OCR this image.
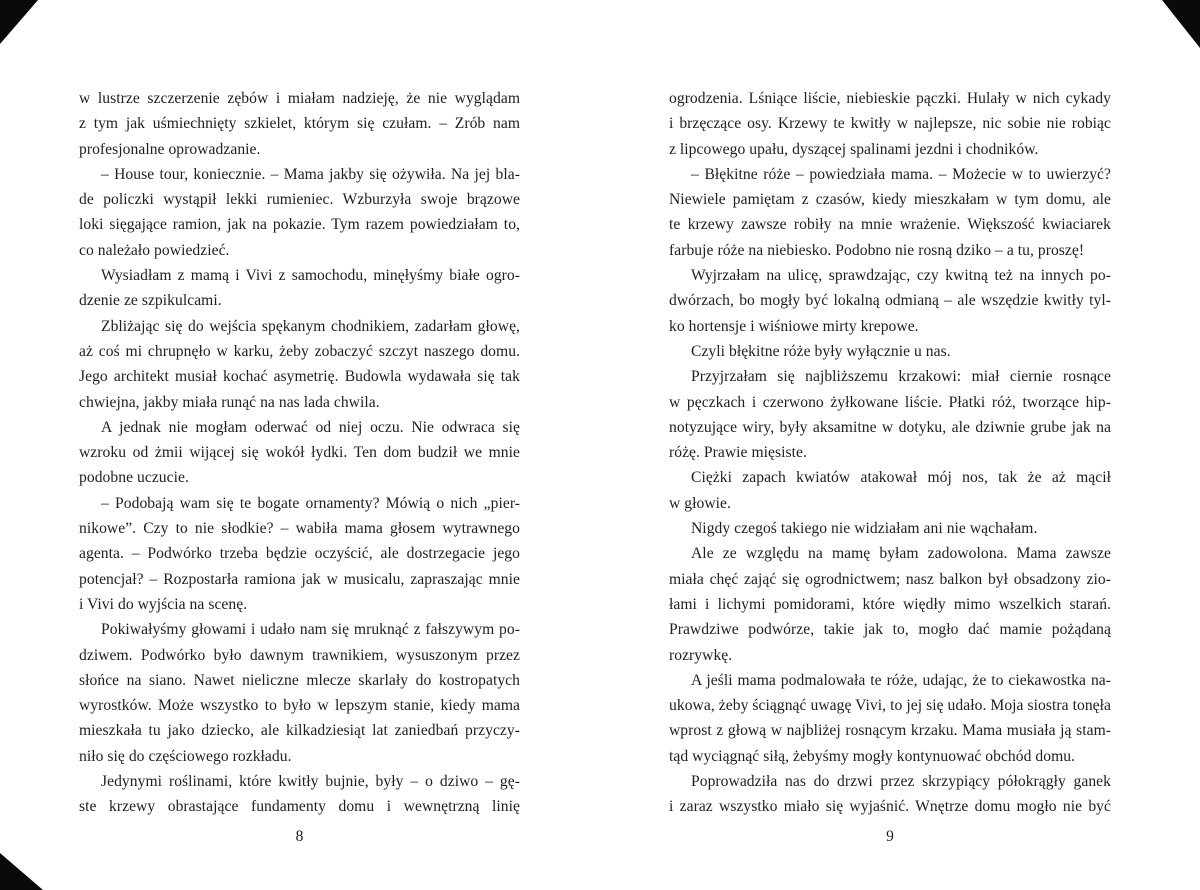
w lustrze szczerzenie zębów i miałam nadzieję, że nie wyglądam
z tym jak uśmiechnięty szkielet, którym się czułam. – Zrób nam
profesjonalne oprowadzanie.
– House tour, koniecznie. – Mama jakby się ożywiła. Na jej bla-
de policzki wystąpił lekki rumieniec. Wzburzyła swoje brązowe
loki sięgające ramion, jak na pokazie. Tym razem powiedziałam to,
co należało powiedzieć.
Wysiadłam z mamą i Vivi z samochodu, minęłyśmy białe ogro-
dzenie ze szpikulcami.
Zbliżając się do wejścia spękanym chodnikiem, zadarłam głowę,
aż coś mi chrupnęło w karku, żeby zobaczyć szczyt naszego domu.
Jego architekt musiał kochać asymetrię. Budowla wydawała się tak
chwiejna, jakby miała runąć na nas lada chwila.
A jednak nie mogłam oderwać od niej oczu. Nie odwraca się
wzroku od żmii wijącej się wokół łydki. Ten dom budził we mnie
podobne uczucie.
– Podobają wam się te bogate ornamenty? Mówią o nich „pier-
nikowe”. Czy to nie słodkie? – wabiła mama głosem wytrawnego
agenta. – Podwórko trzeba będzie oczyścić, ale dostrzegacie jego
potencjał? – Rozpostarła ramiona jak w musicalu, zapraszając mnie
i Vivi do wyjścia na scenę.
Pokiwałyśmy głowami i udało nam się mruknąć z fałszywym po-
dziwem. Podwórko było dawnym trawnikiem, wysuszonym przez
słońce na siano. Nawet nieliczne mlecze skarlały do kostropatych
wyrostków. Może wszystko to było w lepszym stanie, kiedy mama
mieszkała tu jako dziecko, ale kilkadziesiąt lat zaniedbań przyczy-
niło się do częściowego rozkładu.
Jedynymi roślinami, które kwitły bujnie, były – o dziwo – gę-
ste krzewy obrastające fundamenty domu i wewnętrzną linię
8
ogrodzenia. Lśniące liście, niebieskie pączki. Hulały w nich cykady
i brzęczące osy. Krzewy te kwitły w najlepsze, nic sobie nie robiąc
z lipcowego upału, dyszącej spalinami jezdni i chodników.
– Błękitne róże – powiedziała mama. – Możecie w to uwierzyć?
Niewiele pamiętam z czasów, kiedy mieszkałam w tym domu, ale
te krzewy zawsze robiły na mnie wrażenie. Większość kwiaciarek
farbuje róże na niebiesko. Podobno nie rosną dziko – a tu, proszę!
Wyjrzałam na ulicę, sprawdzając, czy kwitną też na innych po-
dwórzach, bo mogły być lokalną odmianą – ale wszędzie kwitły tyl-
ko hortensje i wiśniowe mirty krepowe.
Czyli błękitne róże były wyłącznie u nas.
Przyjrzałam się najbliższemu krzakowi: miał ciernie rosnące
w pęczkach i czerwono żyłkowane liście. Płatki róż, tworzące hip-
notyzujące wiry, były aksamitne w dotyku, ale dziwnie grube jak na
różę. Prawie mięsiste.
Ciężki zapach kwiatów atakował mój nos, tak że aż mącił
w głowie.
Nigdy czegoś takiego nie widziałam ani nie wąchałam.
Ale ze względu na mamę byłam zadowolona. Mama zawsze
miała chęć zająć się ogrodnictwem; nasz balkon był obsadzony zio-
łami i lichymi pomidorami, które więdły mimo wszelkich starań.
Prawdziwe podwórze, takie jak to, mogło dać mamie pożądaną
rozrywkę.
A jeśli mama podmalowała te róże, udając, że to ciekawostka na-
ukowa, żeby ściągnąć uwagę Vivi, to jej się udało. Moja siostra tonęła
wprost z głową w najbliżej rosnącym krzaku. Mama musiała ją stam-
tąd wyciągnąć siłą, żebyśmy mogły kontynuować obchód domu.
Poprowadziła nas do drzwi przez skrzypiący półokrągły ganek
i zaraz wszystko miało się wyjaśnić. Wnętrze domu mogło nie być
9
